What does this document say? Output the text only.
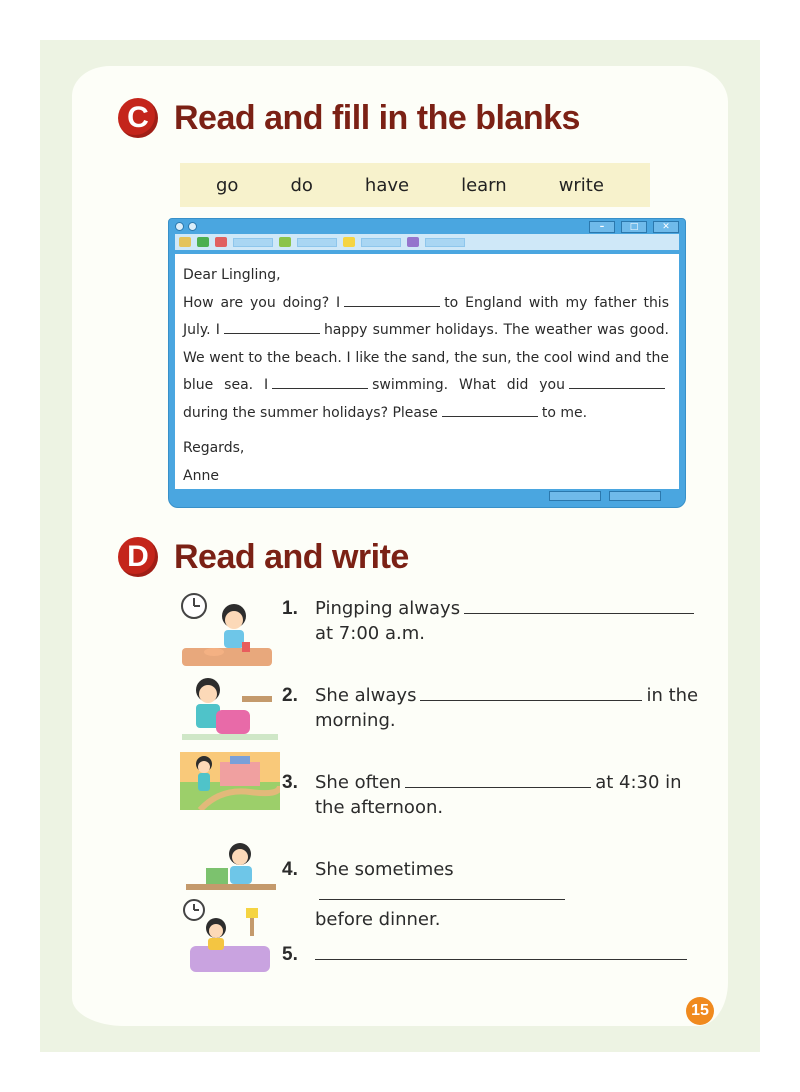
C Read and fill in the blanks
go	do	have	learn	write
–	□	✕

Dear Lingling,

How are you doing? I	to England with my father this July. I	happy summer holidays. The weather was good. We went to the beach. I like the sand, the sun, the cool wind and the blue sea. I	swimming. What did youduring the summer holidays? Please	to me.

Regards,

Anne

D Read and write
1. Pingping always
at 7:00 a.m.
2. She always	in the
morning.
3. She often	at 4:30 in
the afternoon.
4. She sometimes
before dinner.
5.
15
